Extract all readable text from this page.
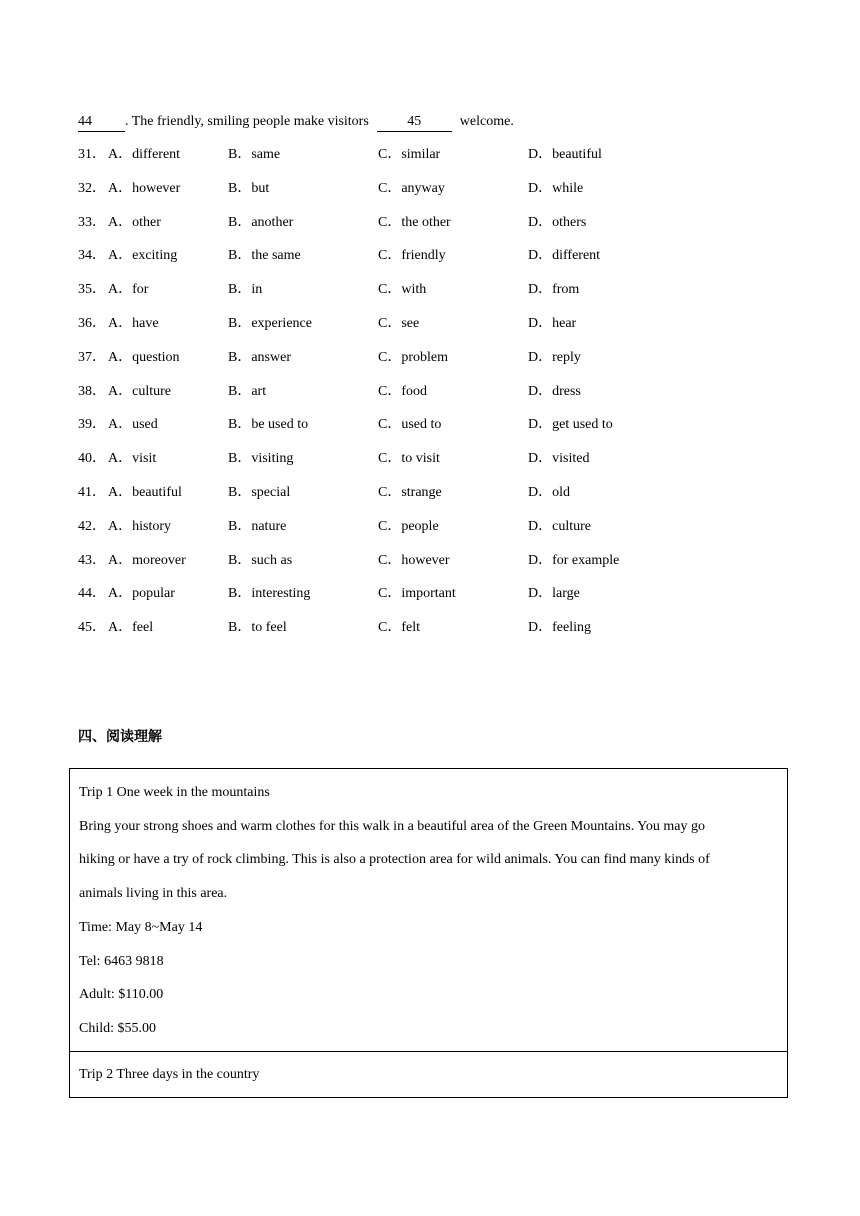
44 . The friendly, smiling people make visitors	45	welcome.
31． A．different	B．same	C．similar	D．beautiful
32． A．however	B．but	C．anyway	D．while
33． A．other	B．another	C．the other	D．others
34． A．exciting	B．the same	C．friendly	D．different
35． A．for	B．in	C．with	D．from
36． A．have	B．experience	C．see	D．hear
37． A．question	B．answer	C．problem	D．reply
38． A．culture	B．art	C．food	D．dress
39． A．used	B．be used to	C．used to	D．get used to
40． A．visit	B．visiting	C．to visit	D．visited
41． A．beautiful	B．special	C．strange	D．old
42． A．history	B．nature	C．people	D．culture
43． A．moreover	B．such as	C．however	D．for example
44． A．popular	B．interesting	C．important	D．large
45． A．feel	B．to feel	C．felt	D．feeling
四、阅读理解

Trip 1 One week in the mountains

Bring your strong shoes and warm clothes for this walk in a beautiful area of the Green Mountains. You may go

hiking or have a try of rock climbing. This is also a protection area for wild animals. You can find many kinds of

animals living in this area.

Time: May 8~May 14

Tel: 6463 9818

Adult: $110.00

Child: $55.00

Trip 2 Three days in the country
